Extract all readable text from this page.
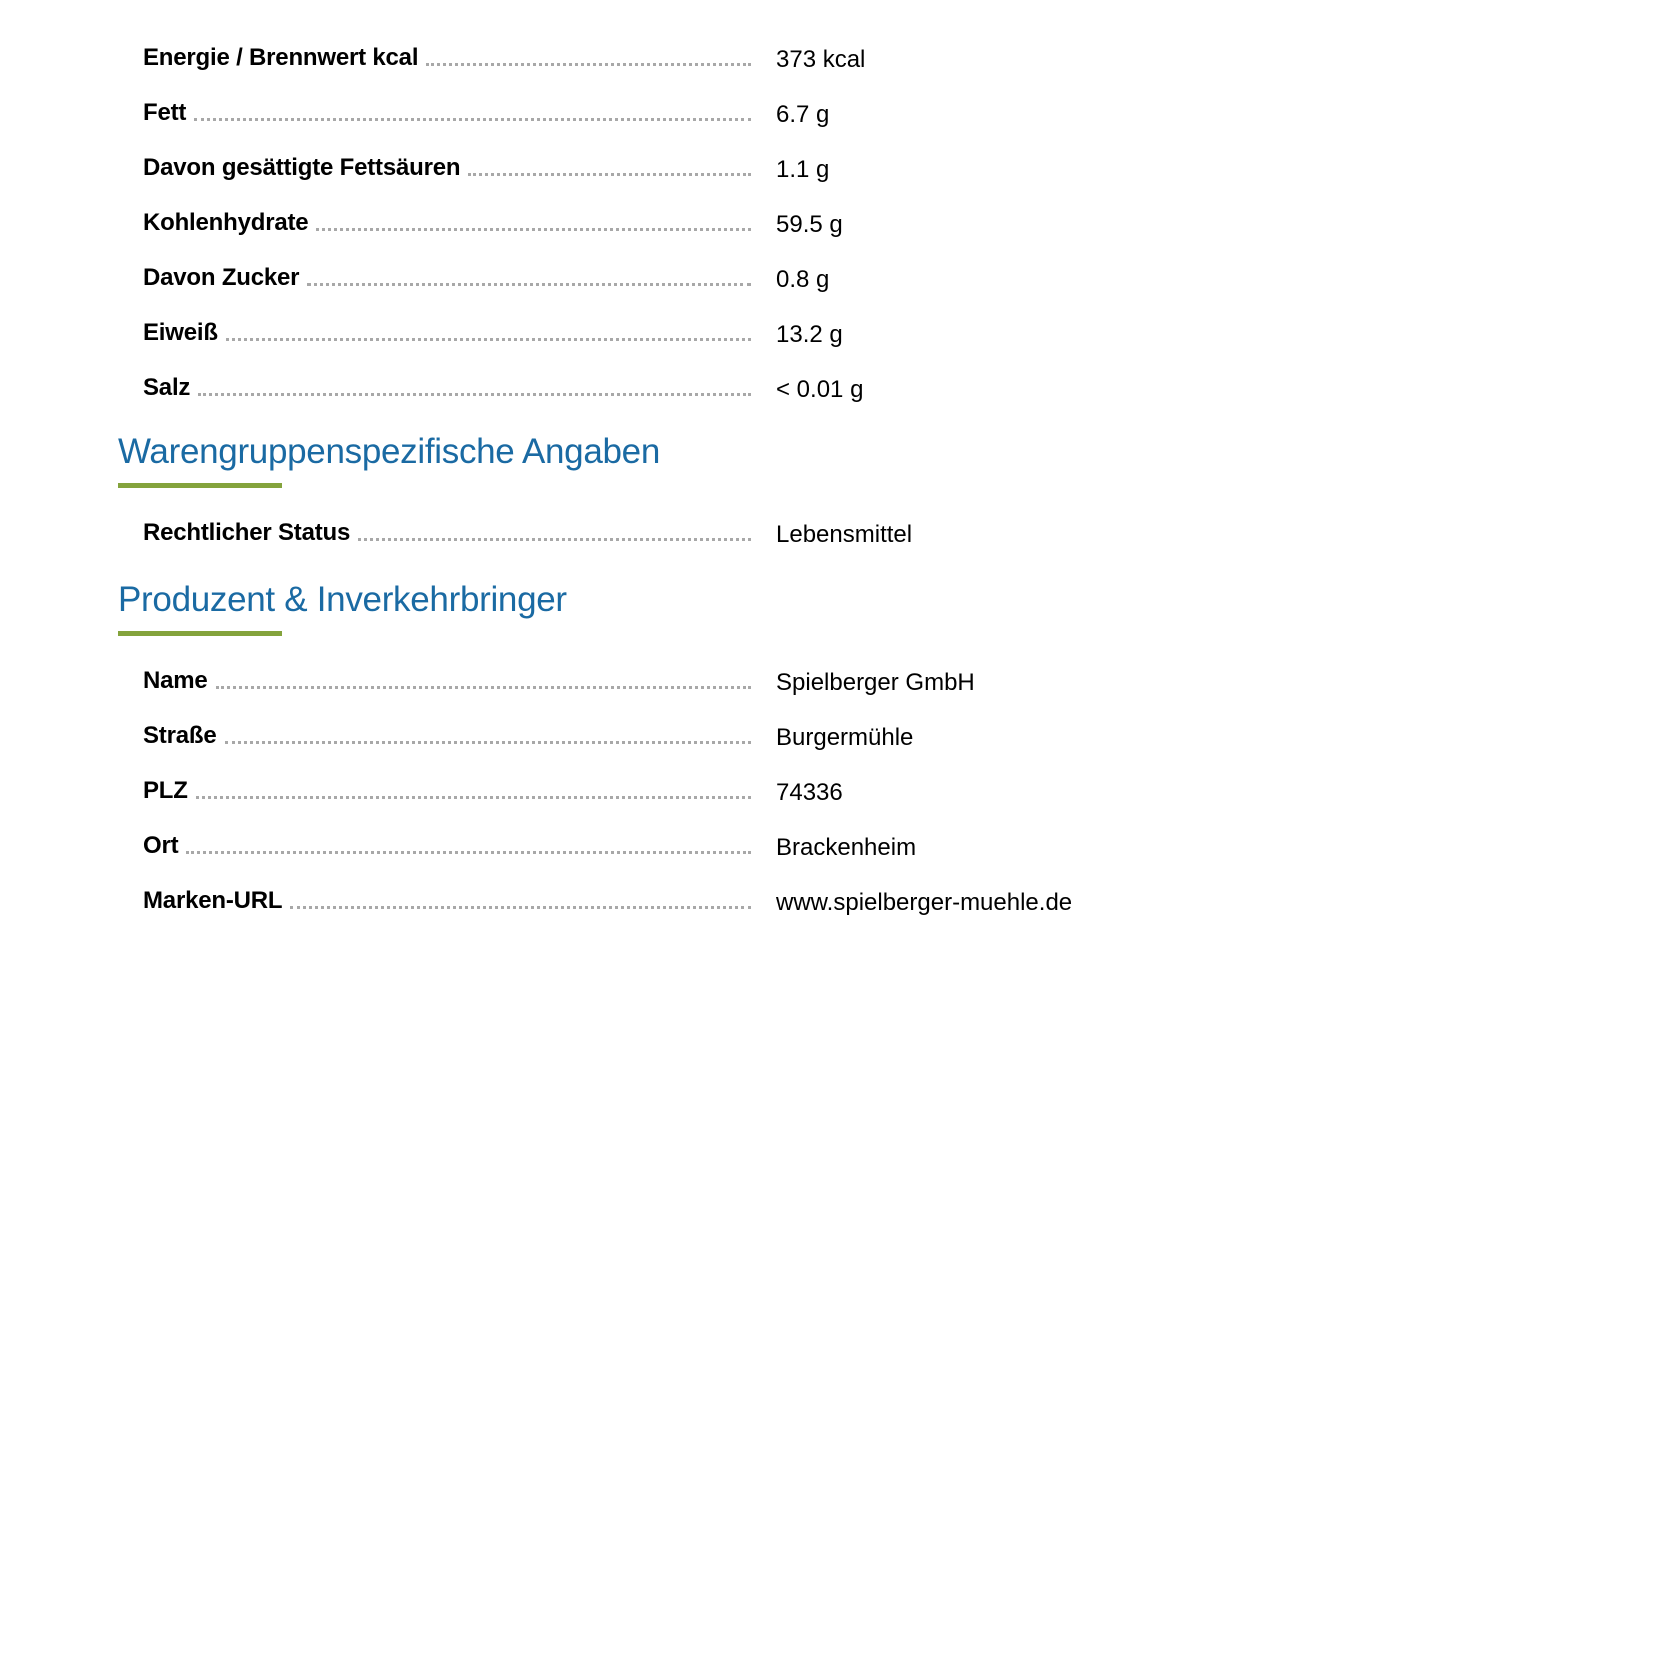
Energie / Brennwert kcal	373 kcal
Fett	6.7 g
Davon gesättigte Fettsäuren	1.1 g
Kohlenhydrate	59.5 g
Davon Zucker	0.8 g
Eiweiß	13.2 g
Salz	< 0.01 g
Warengruppenspezifische Angaben
Rechtlicher Status	Lebensmittel
Produzent & Inverkehrbringer
Name	Spielberger GmbH
Straße	Burgermühle
PLZ	74336
Ort	Brackenheim
Marken-URL	www.spielberger-muehle.de
